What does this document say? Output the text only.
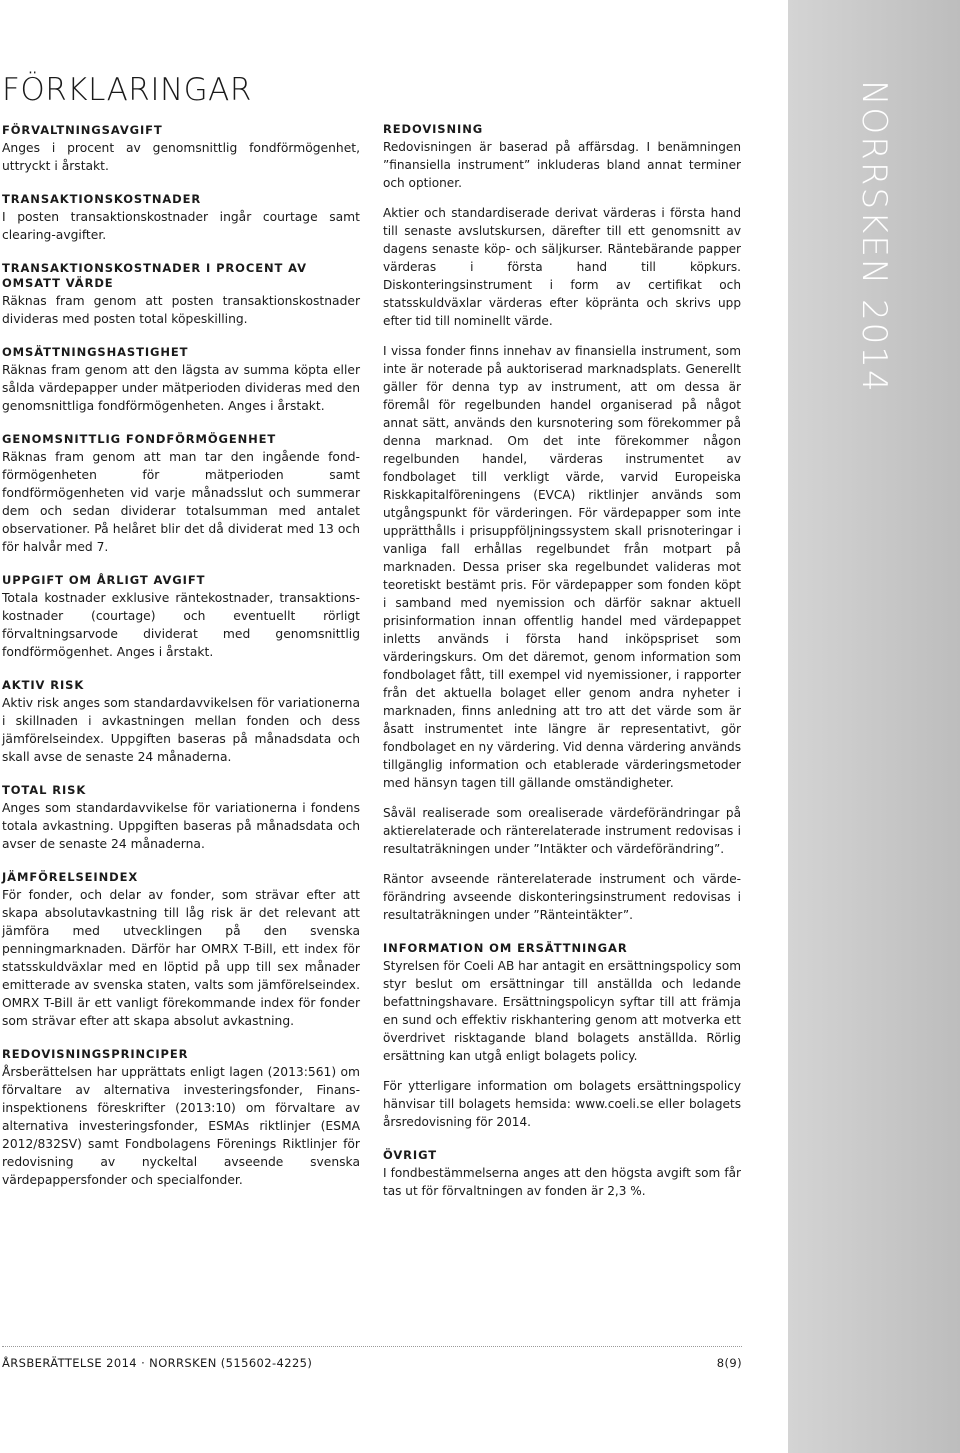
NORRSKEN 2014
FÖRKLARINGAR
FÖRVALTNINGSAVGIFT

Anges i procent av genomsnittlig fondförmögenhet, uttryckt i årstakt.

TRANSAKTIONSKOSTNADER

I posten transaktionskostnader ingår courtage samt clearing-avgifter.

TRANSAKTIONSKOSTNADER I PROCENT AV OMSATT VÄRDE

Räknas fram genom att posten transaktionskostnader divideras med posten total köpeskilling.

OMSÄTTNINGSHASTIGHET

Räknas fram genom att den lägsta av summa köpta eller sålda värdepapper under mätperioden divideras med den genomsnittliga fondförmögenheten. Anges i årstakt.

GENOMSNITTLIG FONDFÖRMÖGENHET

Räknas fram genom att man tar den ingående fond-förmögenheten för mätperioden samt fondförmögenheten vid varje månadsslut och summerar dem och sedan dividerar totalsumman med antalet observationer. På helåret blir det då dividerat med 13 och för halvår med 7.

UPPGIFT OM ÅRLIGT AVGIFT

Totala kostnader exklusive räntekostnader, transaktions-kostnader (courtage) och eventuellt rörligt förvaltningsarvode dividerat med genomsnittlig fondförmögenhet. Anges i årstakt.

AKTIV RISK

Aktiv risk anges som standardavvikelsen för variationerna i skillnaden i avkastningen mellan fonden och dess jämförelseindex. Uppgiften baseras på månadsdata och skall avse de senaste 24 månaderna.

TOTAL RISK

Anges som standardavvikelse för variationerna i fondens totala avkastning. Uppgiften baseras på månadsdata och avser de senaste 24 månaderna.

JÄMFÖRELSEINDEX

För fonder, och delar av fonder, som strävar efter att skapa absolutavkastning till låg risk är det relevant att jämföra med utvecklingen på den svenska penningmarknaden. Därför har OMRX T-Bill, ett index för statsskuldväxlar med en löptid på upp till sex månader emitterade av svenska staten, valts som jämförelseindex. OMRX T-Bill är ett vanligt förekommande index för fonder som strävar efter att skapa absolut avkastning.

REDOVISNINGSPRINCIPER

Årsberättelsen har upprättats enligt lagen (2013:561) om förvaltare av alternativa investeringsfonder, Finans-inspektionens föreskrifter (2013:10) om förvaltare av alternativa investeringsfonder, ESMAs riktlinjer (ESMA 2012/832SV) samt Fondbolagens Förenings Riktlinjer för redovisning av nyckeltal avseende svenska värdepappersfonder och specialfonder.

REDOVISNING

Redovisningen är baserad på affärsdag. I benämningen ”finansiella instrument” inkluderas bland annat terminer och optioner.

Aktier och standardiserade derivat värderas i första hand till senaste avslutskursen, därefter till ett genomsnitt av dagens senaste köp- och säljkurser. Räntebärande papper värderas i första hand till köpkurs. Diskonteringsinstrument i form av certifikat och statsskuldväxlar värderas efter köpränta och skrivs upp efter tid till nominellt värde.

I vissa fonder finns innehav av finansiella instrument, som inte är noterade på auktoriserad marknadsplats. Generellt gäller för denna typ av instrument, att om dessa är föremål för regelbunden handel organiserad på något annat sätt, används den kursnotering som förekommer på denna marknad. Om det inte förekommer någon regelbunden handel, värderas instrumentet av fondbolaget till verkligt värde, varvid Europeiska Riskkapitalföreningens (EVCA) riktlinjer används som utgångspunkt för värderingen. För värdepapper som inte upprätthålls i prisuppföljningssystem skall prisnoteringar i vanliga fall erhållas regelbundet från motpart på marknaden. Dessa priser ska regelbundet valideras mot teoretiskt bestämt pris. För värdepapper som fonden köpt i samband med nyemission och därför saknar aktuell prisinformation innan offentlig handel med värdepappet inletts används i första hand inköpspriset som värderingskurs. Om det däremot, genom information som fondbolaget fått, till exempel vid nyemissioner, i rapporter från det aktuella bolaget eller genom andra nyheter i marknaden, finns anledning att tro att det värde som är åsatt instrumentet inte längre är representativt, gör fondbolaget en ny värdering. Vid denna värdering används tillgänglig information och etablerade värderingsmetoder med hänsyn tagen till gällande omständigheter.

Såväl realiserade som orealiserade värdeförändringar på aktierelaterade och ränterelaterade instrument redovisas i resultaträkningen under ”Intäkter och värdeförändring”.

Räntor avseende ränterelaterade instrument och värde-förändring avseende diskonteringsinstrument redovisas i resultaträkningen under ”Ränteintäkter”.

INFORMATION OM ERSÄTTNINGAR

Styrelsen för Coeli AB har antagit en ersättningspolicy som styr beslut om ersättningar till anställda och ledande befattningshavare. Ersättningspolicyn syftar till att främja en sund och effektiv riskhantering genom att motverka ett överdrivet risktagande bland bolagets anställda. Rörlig ersättning kan utgå enligt bolagets policy.

För ytterligare information om bolagets ersättningspolicy hänvisar till bolagets hemsida: www.coeli.se eller bolagets årsredovisning för 2014.

ÖVRIGT

I fondbestämmelserna anges att den högsta avgift som får tas ut för förvaltningen av fonden är 2,3 %.

ÅRSBERÄTTELSE 2014 · NORRSKEN (515602-4225)	8(9)
